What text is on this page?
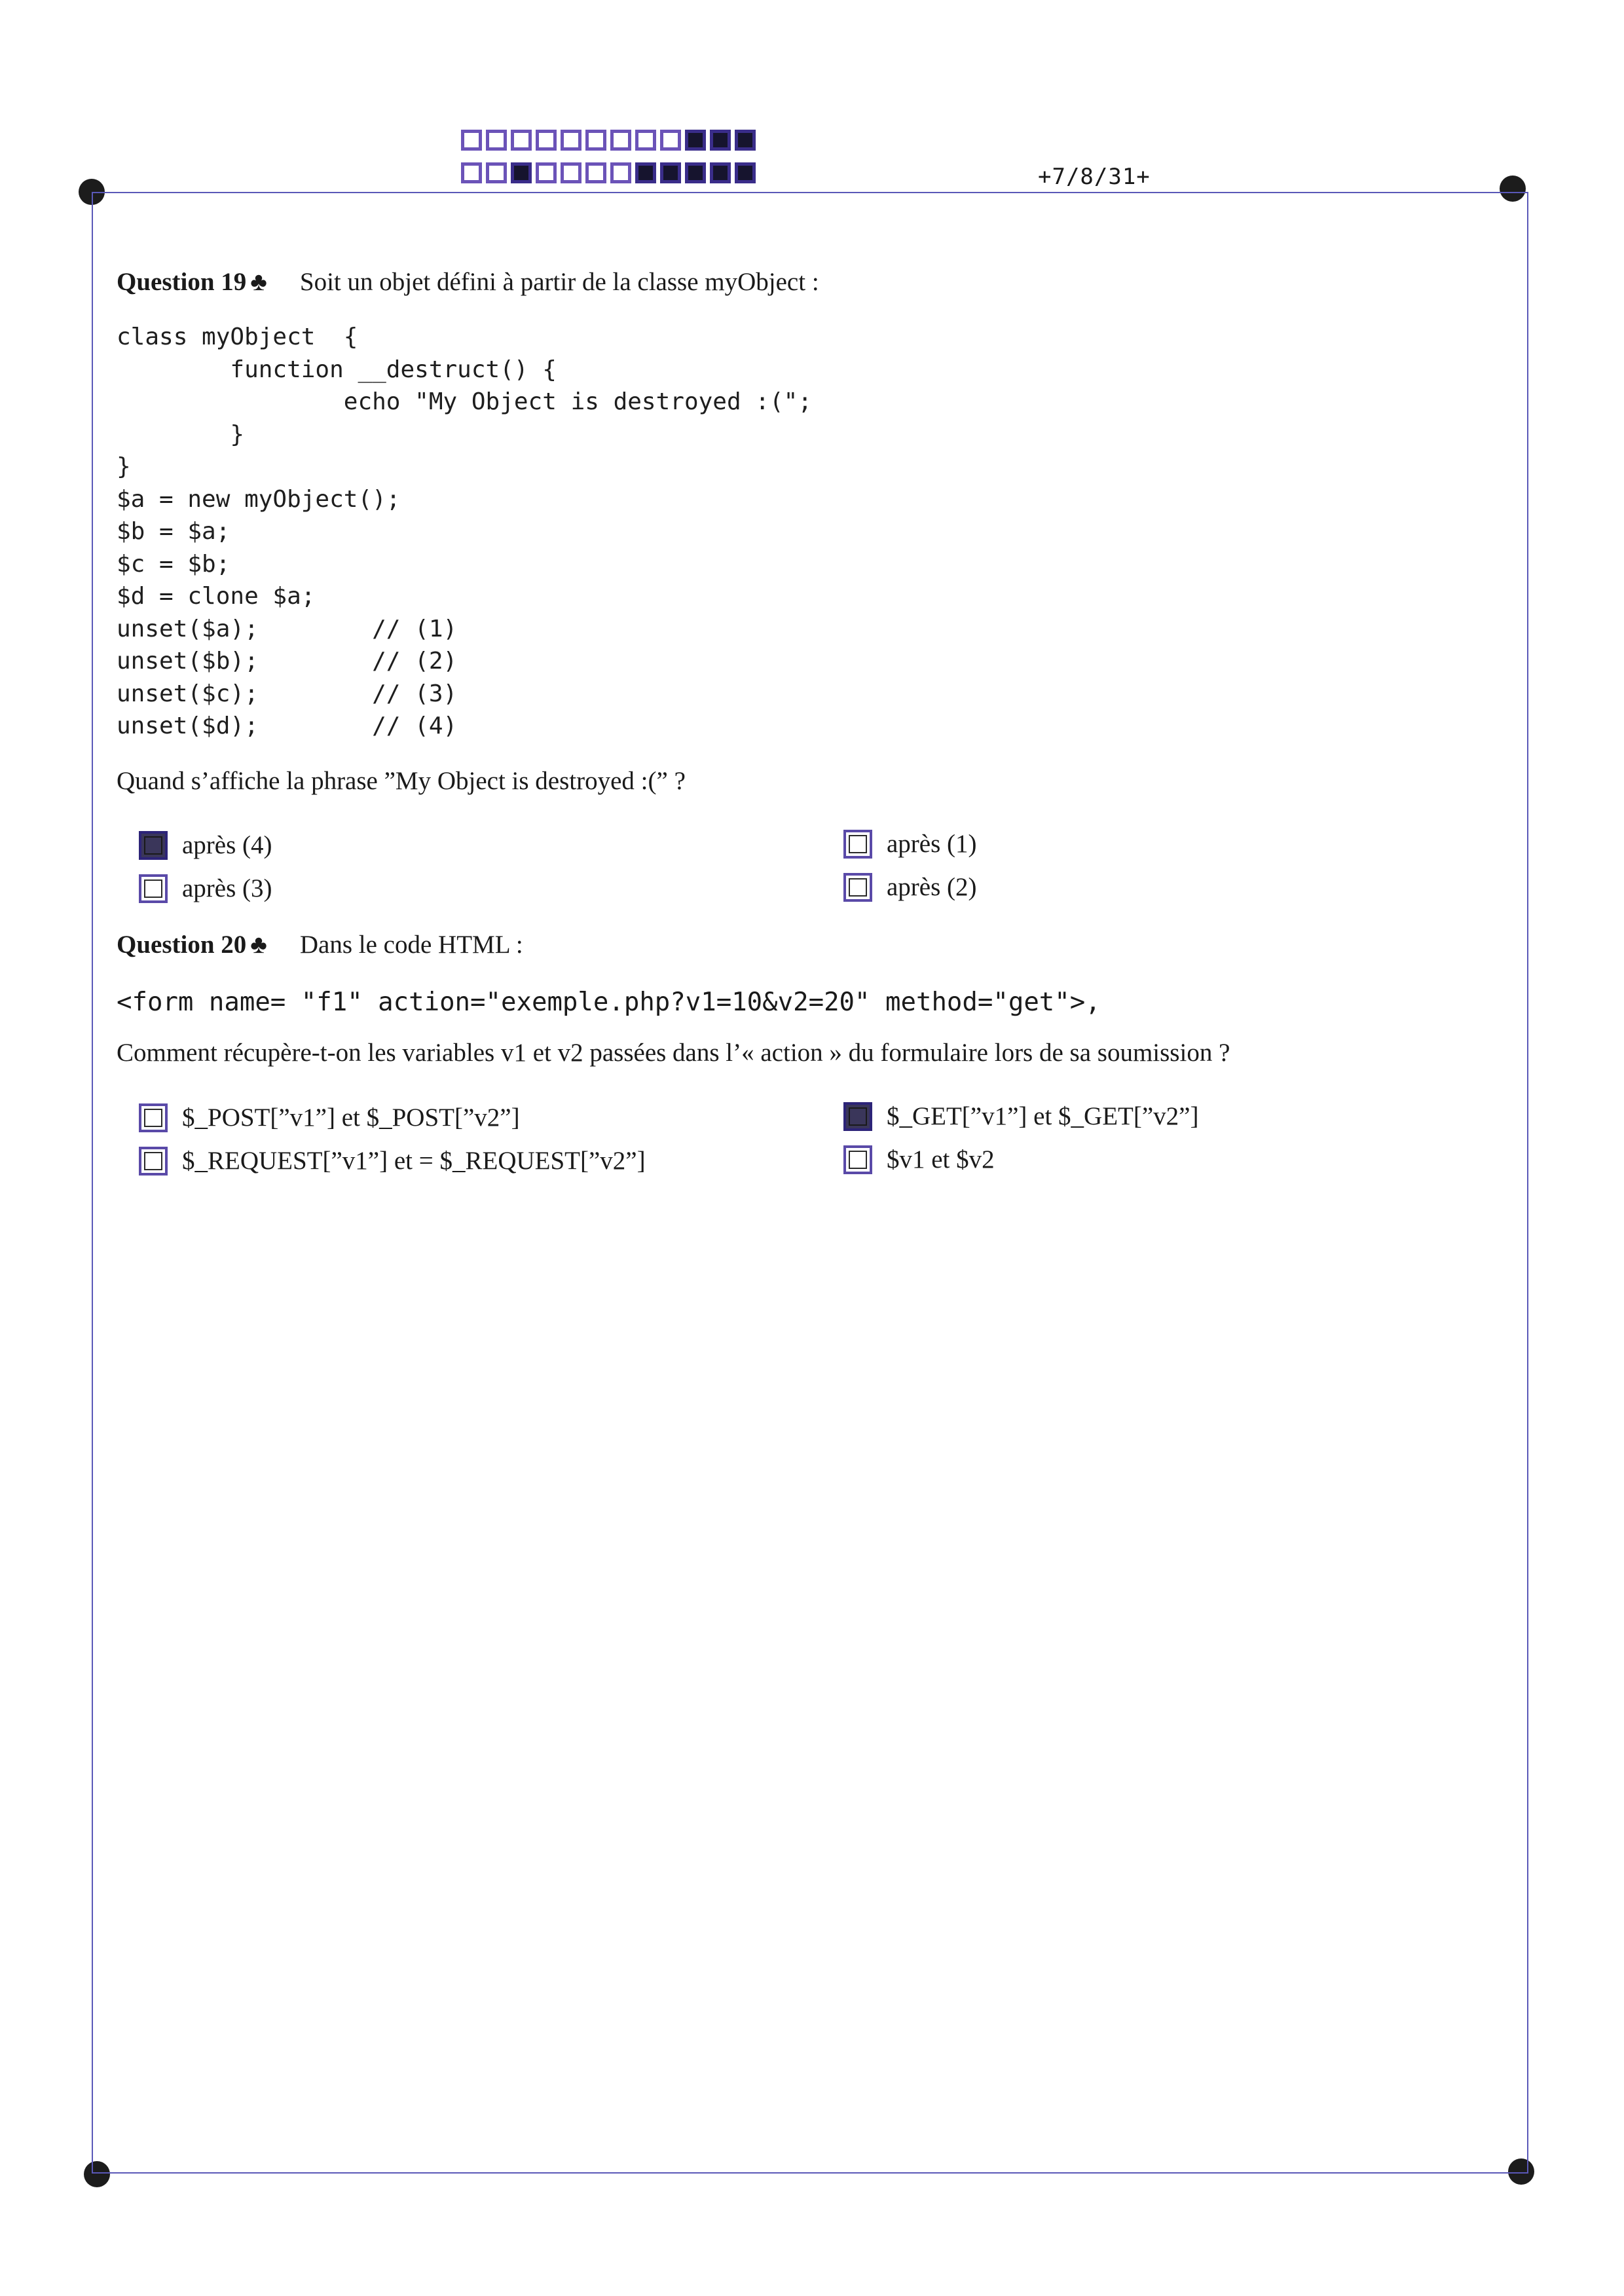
+7/8/31+
Question 19 ♣ Soit un objet défini à partir de la classe myObject :
class myObject  {
function __destruct() {
echo "My Object is destroyed :(";
}
}
$a = new myObject();
$b = $a;
$c = $b;
$d = clone $a;
unset($a);        // (1)
unset($b);        // (2)
unset($c);        // (3)
unset($d);        // (4)
Quand s’affiche la phrase ”My Object is destroyed :(” ?
après (4)
après (3)
après (1)
après (2)
Question 20 ♣ Dans le code HTML :
<form name= "f1" action="exemple.php?v1=10&v2=20" method="get">,
Comment récupère-t-on les variables v1 et v2 passées dans l’« action » du formulaire lors de sa soumission ?
$_POST[”v1”] et $_POST[”v2”]
$_REQUEST[”v1”] et = $_REQUEST[”v2”]
$_GET[”v1”] et $_GET[”v2”]
$v1 et $v2
